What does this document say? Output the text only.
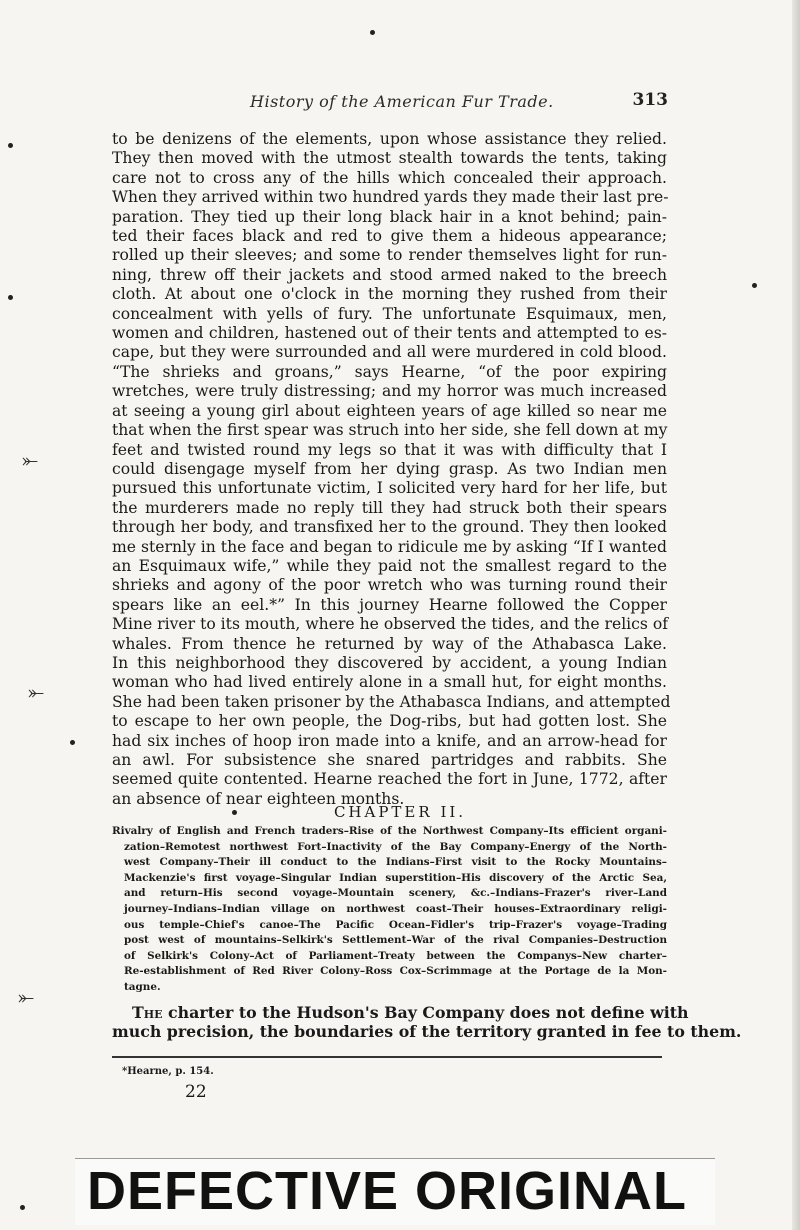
⤜
⤜
⤜
History of the American Fur Trade.	313
to be denizens of the elements, upon whose assistance they relied.
They then moved with the utmost stealth towards the tents, taking
care not to cross any of the hills which concealed their approach.
When they arrived within two hundred yards they made their last pre-
paration. They tied up their long black hair in a knot behind; pain-
ted their faces black and red to give them a hideous appearance;
rolled up their sleeves; and some to render themselves light for run-
ning, threw off their jackets and stood armed naked to the breech
cloth. At about one o'clock in the morning they rushed from their
concealment with yells of fury. The unfortunate Esquimaux, men,
women and children, hastened out of their tents and attempted to es-
cape, but they were surrounded and all were murdered in cold blood.
“The shrieks and groans,” says Hearne, “of the poor expiring
wretches, were truly distressing; and my horror was much increased
at seeing a young girl about eighteen years of age killed so near me
that when the first spear was struch into her side, she fell down at my
feet and twisted round my legs so that it was with difficulty that I
could disengage myself from her dying grasp. As two Indian men
pursued this unfortunate victim, I solicited very hard for her life, but
the murderers made no reply till they had struck both their spears
through her body, and transfixed her to the ground. They then looked
me sternly in the face and began to ridicule me by asking “If I wanted
an Esquimaux wife,” while they paid not the smallest regard to the
shrieks and agony of the poor wretch who was turning round their
spears like an eel.*” In this journey Hearne followed the Copper
Mine river to its mouth, where he observed the tides, and the relics of
whales. From thence he returned by way of the Athabasca Lake.
In this neighborhood they discovered by accident, a young Indian
woman who had lived entirely alone in a small hut, for eight months.
She had been taken prisoner by the Athabasca Indians, and attempted
to escape to her own people, the Dog-ribs, but had gotten lost. She
had six inches of hoop iron made into a knife, and an arrow-head for
an awl. For subsistence she snared partridges and rabbits. She
seemed quite contented. Hearne reached the fort in June, 1772, after
an absence of near eighteen months.
CHAPTER II.
Rivalry of English and French traders–Rise of the Northwest Company–Its efficient organi-
zation–Remotest northwest Fort–Inactivity of the Bay Company–Energy of the North-
west Company–Their ill conduct to the Indians–First visit to the Rocky Mountains–
Mackenzie's first voyage–Singular Indian superstition–His discovery of the Arctic Sea,
and return–His second voyage–Mountain scenery, &c.–Indians–Frazer's river–Land
journey–Indians–Indian village on northwest coast–Their houses–Extraordinary religi-
ous temple–Chief's canoe–The Pacific Ocean–Fidler's trip–Frazer's voyage–Trading
post west of mountains–Selkirk's Settlement–War of the rival Companies–Destruction
of Selkirk's Colony–Act of Parliament–Treaty between the Companys–New charter–
Re-establishment of Red River Colony–Ross Cox–Scrimmage at the Portage de la Mon-
tagne.
The charter to the Hudson's Bay Company does not define with
much precision, the boundaries of the territory granted in fee to them.
*Hearne, p. 154.
22
DEFECTIVE ORIGINAL
